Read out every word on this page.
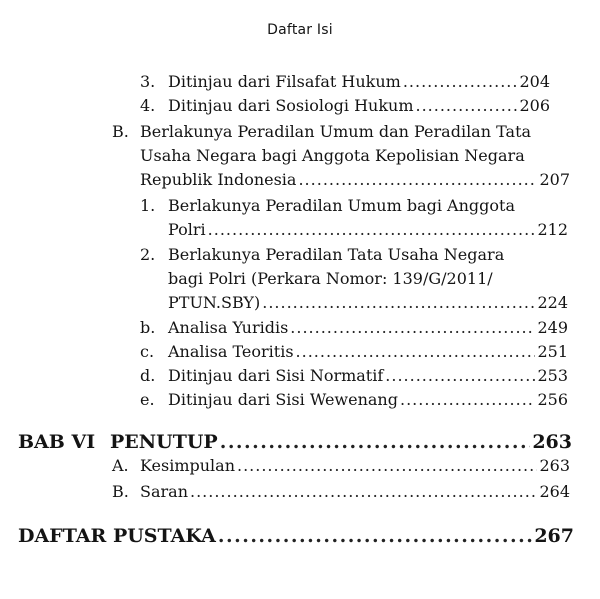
Daftar Isi
3. Ditinjau dari Filsafat Hukum .....	204
4. Ditinjau dari Sosiologi Hukum .....	206
B. Berlakunya Peradilan Umum dan Peradilan Tata
Usaha Negara bagi Anggota Kepolisian Negara
Republik Indonesia .....	207
1. Berlakunya Peradilan Umum bagi Anggota
Polri .....	212
2. Berlakunya Peradilan Tata Usaha Negara
bagi Polri (Perkara Nomor: 139/G/2011/
PTUN.SBY) .....	224
b. Analisa Yuridis .....	249
c. Analisa Teoritis .....	251
d. Ditinjau dari Sisi Normatif .....	253
e. Ditinjau dari Sisi Wewenang .....	256
BAB VI PENUTUP .....	263
A. Kesimpulan .....	263
B. Saran .....	264
DAFTAR PUSTAKA .....	267
